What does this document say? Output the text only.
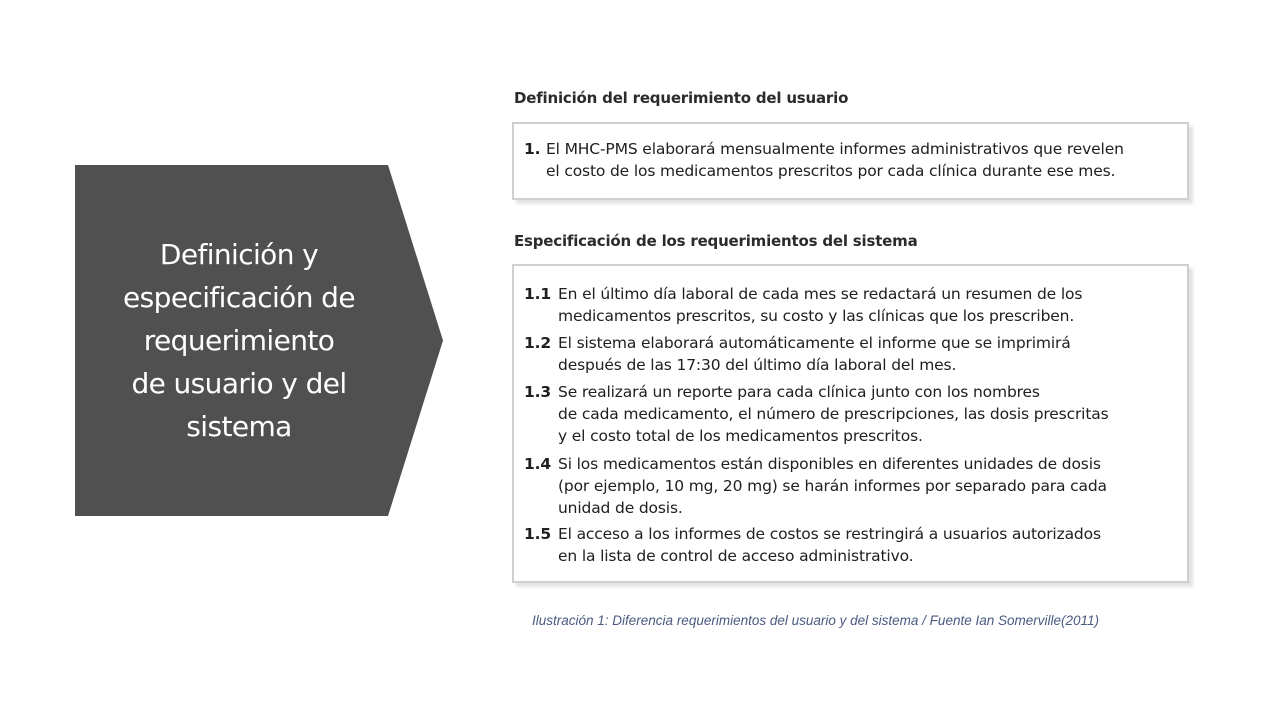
Definición y
especificación de
requerimiento
de usuario y del
sistema
Definición del requerimiento del usuario
1. El MHC-PMS elaborará mensualmente informes administrativos que revelen
el costo de los medicamentos prescritos por cada clínica durante ese mes.
Especificación de los requerimientos del sistema
1.1 En el último día laboral de cada mes se redactará un resumen de los
medicamentos prescritos, su costo y las clínicas que los prescriben.
1.2 El sistema elaborará automáticamente el informe que se imprimirá
después de las 17:30 del último día laboral del mes.
1.3 Se realizará un reporte para cada clínica junto con los nombres
de cada medicamento, el número de prescripciones, las dosis prescritas
y el costo total de los medicamentos prescritos.
1.4 Si los medicamentos están disponibles en diferentes unidades de dosis
(por ejemplo, 10 mg, 20 mg) se harán informes por separado para cada
unidad de dosis.
1.5 El acceso a los informes de costos se restringirá a usuarios autorizados
en la lista de control de acceso administrativo.
Ilustración 1: Diferencia requerimientos del usuario y del sistema / Fuente Ian Somerville(2011)
